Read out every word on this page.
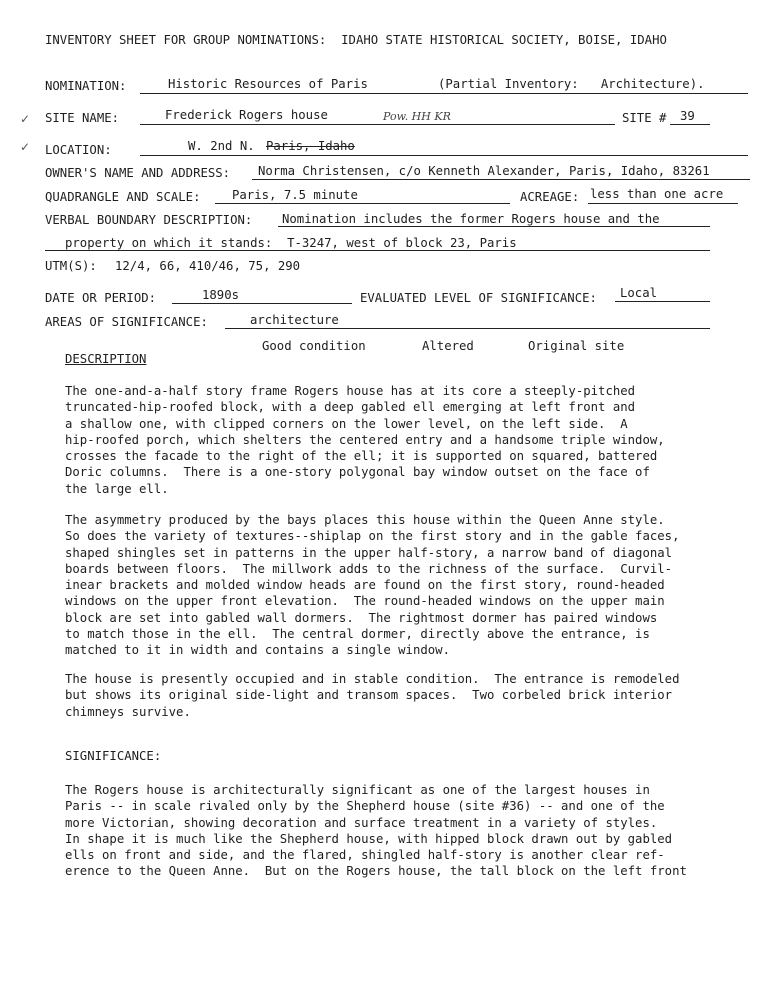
✓
✓
INVENTORY SHEET FOR GROUP NOMINATIONS:  IDAHO STATE HISTORICAL SOCIETY, BOISE, IDAHO
NOMINATION:	Historic Resources of Paris	(Partial Inventory:   Architecture).
SITE NAME:	Frederick Rogers house	Pow. HH KR	SITE # 39
LOCATION:	W. 2nd N. Paris, Idaho
OWNER'S NAME AND ADDRESS: Norma Christensen, c/o Kenneth Alexander, Paris, Idaho, 83261
QUADRANGLE AND SCALE:	Paris, 7.5 minute	ACREAGE: less than one acre
VERBAL BOUNDARY DESCRIPTION: Nomination includes the former Rogers house and the
property on which it stands:  T-3247, west of block 23, Paris
UTM(S): 12/4, 66, 410/46, 75, 290
DATE OR PERIOD:	1890s	EVALUATED LEVEL OF SIGNIFICANCE: Local
AREAS OF SIGNIFICANCE:	architecture
Good condition	Altered	Original site
DESCRIPTION
The one-and-a-half story frame Rogers house has at its core a steeply-pitched
truncated-hip-roofed block, with a deep gabled ell emerging at left front and
a shallow one, with clipped corners on the lower level, on the left side.  A
hip-roofed porch, which shelters the centered entry and a handsome triple window,
crosses the facade to the right of the ell; it is supported on squared, battered
Doric columns.  There is a one-story polygonal bay window outset on the face of
the large ell.
The asymmetry produced by the bays places this house within the Queen Anne style.
So does the variety of textures--shiplap on the first story and in the gable faces,
shaped shingles set in patterns in the upper half-story, a narrow band of diagonal
boards between floors.  The millwork adds to the richness of the surface.  Curvil-
inear brackets and molded window heads are found on the first story, round-headed
windows on the upper front elevation.  The round-headed windows on the upper main
block are set into gabled wall dormers.  The rightmost dormer has paired windows
to match those in the ell.  The central dormer, directly above the entrance, is
matched to it in width and contains a single window.
The house is presently occupied and in stable condition.  The entrance is remodeled
but shows its original side-light and transom spaces.  Two corbeled brick interior
chimneys survive.
SIGNIFICANCE:
The Rogers house is architecturally significant as one of the largest houses in
Paris -- in scale rivaled only by the Shepherd house (site #36) -- and one of the
more Victorian, showing decoration and surface treatment in a variety of styles.
In shape it is much like the Shepherd house, with hipped block drawn out by gabled
ells on front and side, and the flared, shingled half-story is another clear ref-
erence to the Queen Anne.  But on the Rogers house, the tall block on the left front
